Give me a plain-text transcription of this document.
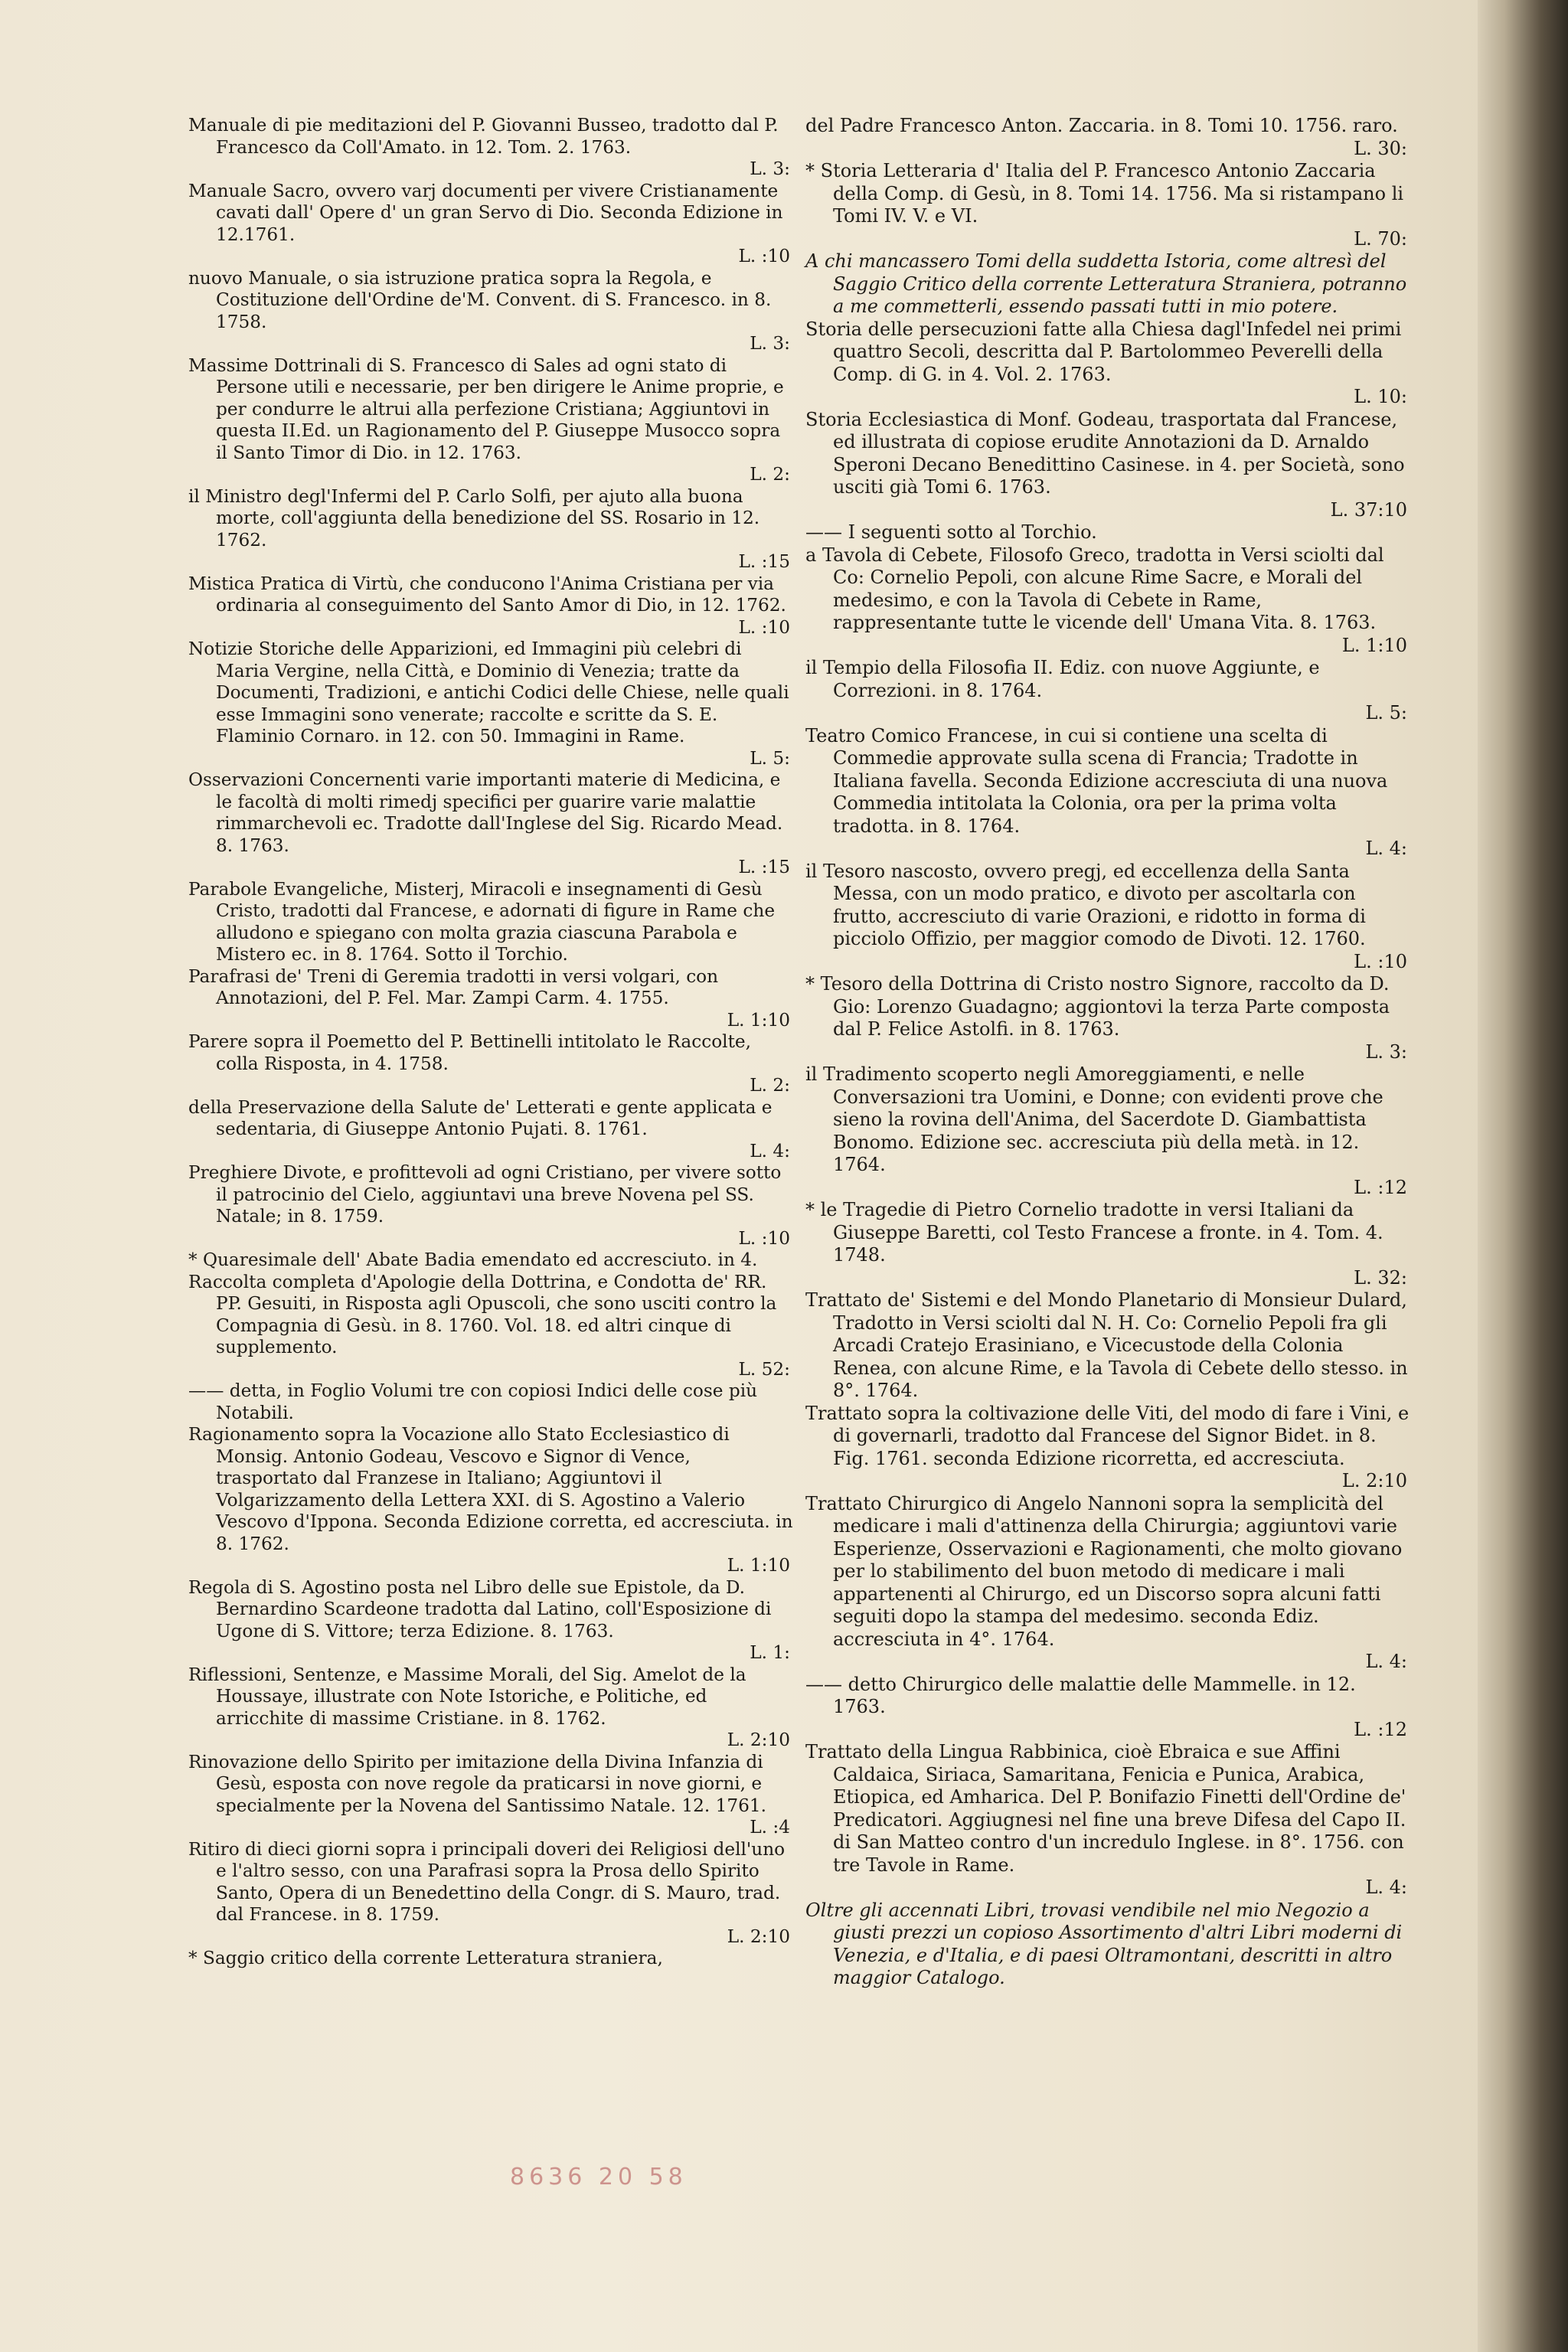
Manuale di pie meditazioni del P. Giovanni Busseo, tradotto dal P. Francesco da Coll'Amato. in 12. Tom. 2. 1763.
L. 3:
Manuale Sacro, ovvero varj documenti per vivere Cristianamente cavati dall' Opere d' un gran Servo di Dio. Seconda Edizione in 12.1761.
L. :10
nuovo Manuale, o sia istruzione pratica sopra la Regola, e Costituzione dell'Ordine de'M. Convent. di S. Francesco. in 8. 1758.
L. 3:
Massime Dottrinali di S. Francesco di Sales ad ogni stato di Persone utili e necessarie, per ben dirigere le Anime proprie, e per condurre le altrui alla perfezione Cristiana; Aggiuntovi in questa II.Ed. un Ragionamento del P. Giuseppe Musocco sopra il Santo Timor di Dio. in 12. 1763.
L. 2:
il Ministro degl'Infermi del P. Carlo Solfi, per ajuto alla buona morte, coll'aggiunta della benedizione del SS. Rosario in 12. 1762.
L. :15
Mistica Pratica di Virtù, che conducono l'Anima Cristiana per via ordinaria al conseguimento del Santo Amor di Dio, in 12. 1762.
L. :10
Notizie Storiche delle Apparizioni, ed Immagini più celebri di Maria Vergine, nella Città, e Dominio di Venezia; tratte da Documenti, Tradizioni, e antichi Codici delle Chiese, nelle quali esse Immagini sono venerate; raccolte e scritte da S. E. Flaminio Cornaro. in 12. con 50. Immagini in Rame.
L. 5:
Osservazioni Concernenti varie importanti materie di Medicina, e le facoltà di molti rimedj specifici per guarire varie malattie rimmarchevoli ec. Tradotte dall'Inglese del Sig. Ricardo Mead. 8. 1763.
L. :15
Parabole Evangeliche, Misterj, Miracoli e insegnamenti di Gesù Cristo, tradotti dal Francese, e adornati di figure in Rame che alludono e spiegano con molta grazia ciascuna Parabola e Mistero ec. in 8. 1764. Sotto il Torchio.
Parafrasi de' Treni di Geremia tradotti in versi volgari, con Annotazioni, del P. Fel. Mar. Zampi Carm. 4. 1755.
L. 1:10
Parere sopra il Poemetto del P. Bettinelli intitolato le Raccolte, colla Risposta, in 4. 1758.
L. 2:
della Preservazione della Salute de' Letterati e gente applicata e sedentaria, di Giuseppe Antonio Pujati. 8. 1761.
L. 4:
Preghiere Divote, e profittevoli ad ogni Cristiano, per vivere sotto il patrocinio del Cielo, aggiuntavi una breve Novena pel SS. Natale; in 8. 1759.
L. :10
* Quaresimale dell' Abate Badia emendato ed accresciuto. in 4.
Raccolta completa d'Apologie della Dottrina, e Condotta de' RR. PP. Gesuiti, in Risposta agli Opuscoli, che sono usciti contro la Compagnia di Gesù. in 8. 1760. Vol. 18. ed altri cinque di supplemento.
L. 52:
—— detta, in Foglio Volumi tre con copiosi Indici delle cose più Notabili.
Ragionamento sopra la Vocazione allo Stato Ecclesiastico di Monsig. Antonio Godeau, Vescovo e Signor di Vence, trasportato dal Franzese in Italiano; Aggiuntovi il Volgarizzamento della Lettera XXI. di S. Agostino a Valerio Vescovo d'Ippona. Seconda Edizione corretta, ed accresciuta. in 8. 1762.
L. 1:10
Regola di S. Agostino posta nel Libro delle sue Epistole, da D. Bernardino Scardeone tradotta dal Latino, coll'Esposizione di Ugone di S. Vittore; terza Edizione. 8. 1763.
L. 1:
Riflessioni, Sentenze, e Massime Morali, del Sig. Amelot de la Houssaye, illustrate con Note Istoriche, e Politiche, ed arricchite di massime Cristiane. in 8. 1762.
L. 2:10
Rinovazione dello Spirito per imitazione della Divina Infanzia di Gesù, esposta con nove regole da praticarsi in nove giorni, e specialmente per la Novena del Santissimo Natale. 12. 1761.
L. :4
Ritiro di dieci giorni sopra i principali doveri dei Religiosi dell'uno e l'altro sesso, con una Parafrasi sopra la Prosa dello Spirito Santo, Opera di un Benedettino della Congr. di S. Mauro, trad. dal Francese. in 8. 1759.
L. 2:10
* Saggio critico della corrente Letteratura straniera,
del Padre Francesco Anton. Zaccaria. in 8. Tomi 10. 1756. raro.
L. 30:
* Storia Letteraria d' Italia del P. Francesco Antonio Zaccaria della Comp. di Gesù, in 8. Tomi 14. 1756. Ma si ristampano li Tomi IV. V. e VI.
L. 70:
A chi mancassero Tomi della suddetta Istoria, come altresì del Saggio Critico della corrente Letteratura Straniera, potranno a me commetterli, essendo passati tutti in mio potere.
Storia delle persecuzioni fatte alla Chiesa dagl'Infedel nei primi quattro Secoli, descritta dal P. Bartolommeo Peverelli della Comp. di G. in 4. Vol. 2. 1763.
L. 10:
Storia Ecclesiastica di Monf. Godeau, trasportata dal Francese, ed illustrata di copiose erudite Annotazioni da D. Arnaldo Speroni Decano Benedittino Casinese. in 4. per Società, sono usciti già Tomi 6. 1763.
L. 37:10
—— I seguenti sotto al Torchio.
a Tavola di Cebete, Filosofo Greco, tradotta in Versi sciolti dal Co: Cornelio Pepoli, con alcune Rime Sacre, e Morali del medesimo, e con la Tavola di Cebete in Rame, rappresentante tutte le vicende dell' Umana Vita. 8. 1763.
L. 1:10
il Tempio della Filosofia II. Ediz. con nuove Aggiunte, e Correzioni. in 8. 1764.
L. 5:
Teatro Comico Francese, in cui si contiene una scelta di Commedie approvate sulla scena di Francia; Tradotte in Italiana favella. Seconda Edizione accresciuta di una nuova Commedia intitolata la Colonia, ora per la prima volta tradotta. in 8. 1764.
L. 4:
il Tesoro nascosto, ovvero pregj, ed eccellenza della Santa Messa, con un modo pratico, e divoto per ascoltarla con frutto, accresciuto di varie Orazioni, e ridotto in forma di picciolo Offizio, per maggior comodo de Divoti. 12. 1760.
L. :10
* Tesoro della Dottrina di Cristo nostro Signore, raccolto da D. Gio: Lorenzo Guadagno; aggiontovi la terza Parte composta dal P. Felice Astolfi. in 8. 1763.
L. 3:
il Tradimento scoperto negli Amoreggiamenti, e nelle Conversazioni tra Uomini, e Donne; con evidenti prove che sieno la rovina dell'Anima, del Sacerdote D. Giambattista Bonomo. Edizione sec. accresciuta più della metà. in 12. 1764.
L. :12
* le Tragedie di Pietro Cornelio tradotte in versi Italiani da Giuseppe Baretti, col Testo Francese a fronte. in 4. Tom. 4. 1748.
L. 32:
Trattato de' Sistemi e del Mondo Planetario di Monsieur Dulard, Tradotto in Versi sciolti dal N. H. Co: Cornelio Pepoli fra gli Arcadi Cratejo Erasiniano, e Vicecustode della Colonia Renea, con alcune Rime, e la Tavola di Cebete dello stesso. in 8°. 1764.
Trattato sopra la coltivazione delle Viti, del modo di fare i Vini, e di governarli, tradotto dal Francese del Signor Bidet. in 8. Fig. 1761. seconda Edizione ricorretta, ed accresciuta.
L. 2:10
Trattato Chirurgico di Angelo Nannoni sopra la semplicità del medicare i mali d'attinenza della Chirurgia; aggiuntovi varie Esperienze, Osservazioni e Ragionamenti, che molto giovano per lo stabilimento del buon metodo di medicare i mali appartenenti al Chirurgo, ed un Discorso sopra alcuni fatti seguiti dopo la stampa del medesimo. seconda Ediz. accresciuta in 4°. 1764.
L. 4:
—— detto Chirurgico delle malattie delle Mammelle. in 12. 1763.
L. :12
Trattato della Lingua Rabbinica, cioè Ebraica e sue Affini Caldaica, Siriaca, Samaritana, Fenicia e Punica, Arabica, Etiopica, ed Amharica. Del P. Bonifazio Finetti dell'Ordine de' Predicatori. Aggiugnesi nel fine una breve Difesa del Capo II. di San Matteo contro d'un incredulo Inglese. in 8°. 1756. con tre Tavole in Rame.
L. 4:
Oltre gli accennati Libri, trovasi vendibile nel mio Negozio a giusti prezzi un copioso Assortimento d'altri Libri moderni di Venezia, e d'Italia, e di paesi Oltramontani, descritti in altro maggior Catalogo.
8636 20 58
